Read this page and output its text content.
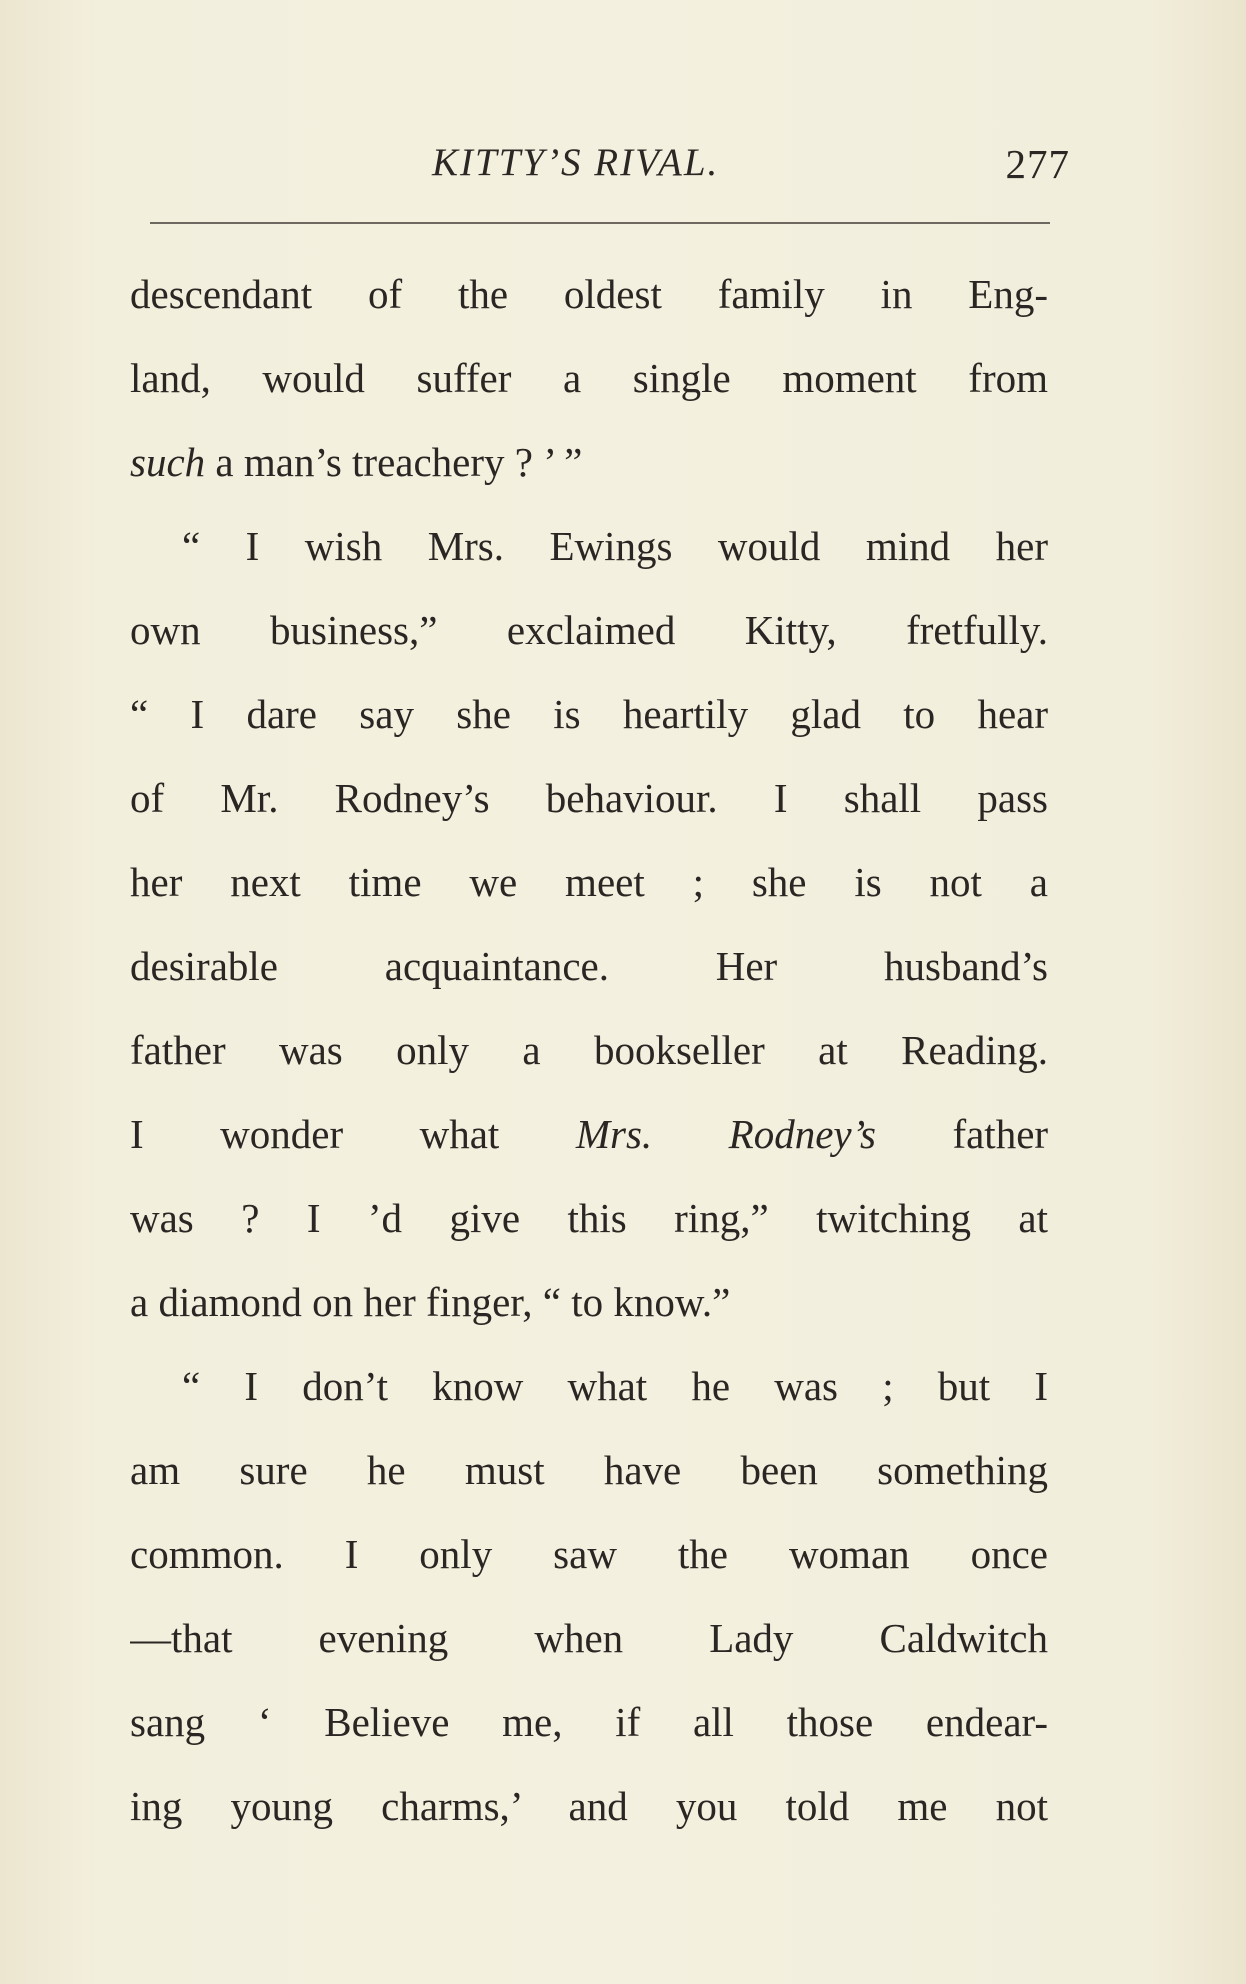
KITTY’S RIVAL.	277
descendant of the oldest family in Eng-
land, would suffer a single moment from
such a man’s treachery ? ’ ”
“ I wish Mrs. Ewings would mind her
own business,” exclaimed Kitty, fretfully.
“ I dare say she is heartily glad to hear
of Mr. Rodney’s behaviour. I shall pass
her next time we meet ; she is not a
desirable acquaintance. Her husband’s
father was only a bookseller at Reading.
I wonder what Mrs. Rodney’s father
was ? I ’d give this ring,” twitching at
a diamond on her finger, “ to know.”
“ I don’t know what he was ; but I
am sure he must have been something
common. I only saw the woman once
—that evening when Lady Caldwitch
sang ‘ Believe me, if all those endear-
ing young charms,’ and you told me not
